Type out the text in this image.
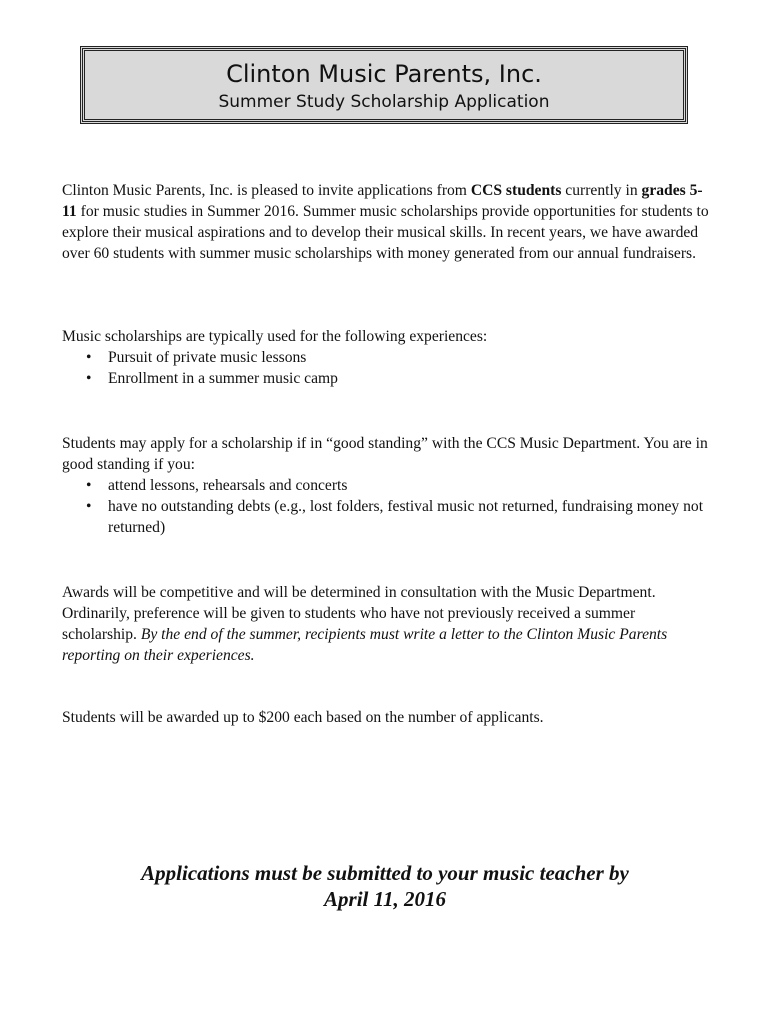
Clinton Music Parents, Inc.
Summer Study Scholarship Application

Clinton Music Parents, Inc. is pleased to invite applications from CCS students currently in grades 5-11 for music studies in Summer 2016. Summer music scholarships provide opportunities for students to explore their musical aspirations and to develop their musical skills. In recent years, we have awarded over 60 students with summer music scholarships with money generated from our annual fundraisers.

Music scholarships are typically used for the following experiences:
• Pursuit of private music lessons
• Enrollment in a summer music camp
Students may apply for a scholarship if in “good standing” with the CCS Music Department. You are in good standing if you:
• attend lessons, rehearsals and concerts
• have no outstanding debts (e.g., lost folders, festival music not returned, fundraising money not returned)

Awards will be competitive and will be determined in consultation with the Music Department. Ordinarily, preference will be given to students who have not previously received a summer scholarship. By the end of the summer, recipients must write a letter to the Clinton Music Parents reporting on their experiences.

Students will be awarded up to $200 each based on the number of applicants.

Applications must be submitted to your music teacher by
April 11, 2016
